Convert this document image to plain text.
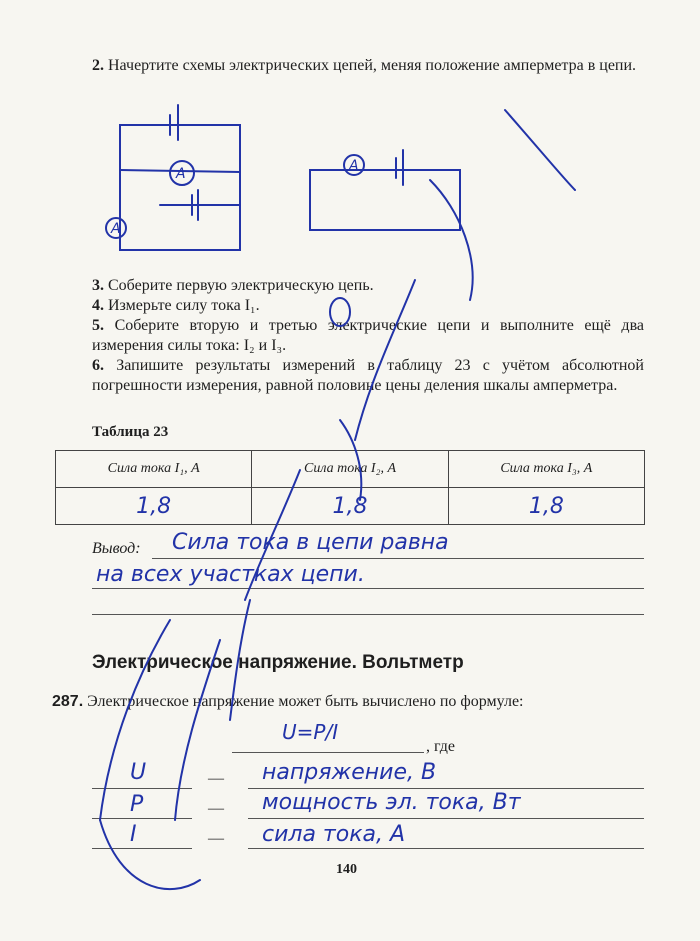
2. Начертите схемы электрических цепей, меняя положение амперметра в цепи.
A
A
A
3. Соберите первую электрическую цепь.
4. Измерьте силу тока I₁.
5. Соберите вторую и третью электрические цепи и выполните ещё два измерения силы тока: I₂ и I₃.
6. Запишите результаты измерений в таблицу 23 с учётом абсолютной погрешности измерения, равной половине цены деления шкалы амперметра.
Таблица 23
Сила тока I₁, А	Сила тока I₂, А	Сила тока I₃, А
1,8	1,8	1,8
Вывод: Сила тока в цепи равна
на всех участках цепи.
Электрическое напряжение. Вольтметр
287. Электрическое напряжение может быть вычислено по формуле:
U=P/I
, где
U	— напряжение, В
P	— мощность эл. тока, Вт
I	— сила тока, А
140
